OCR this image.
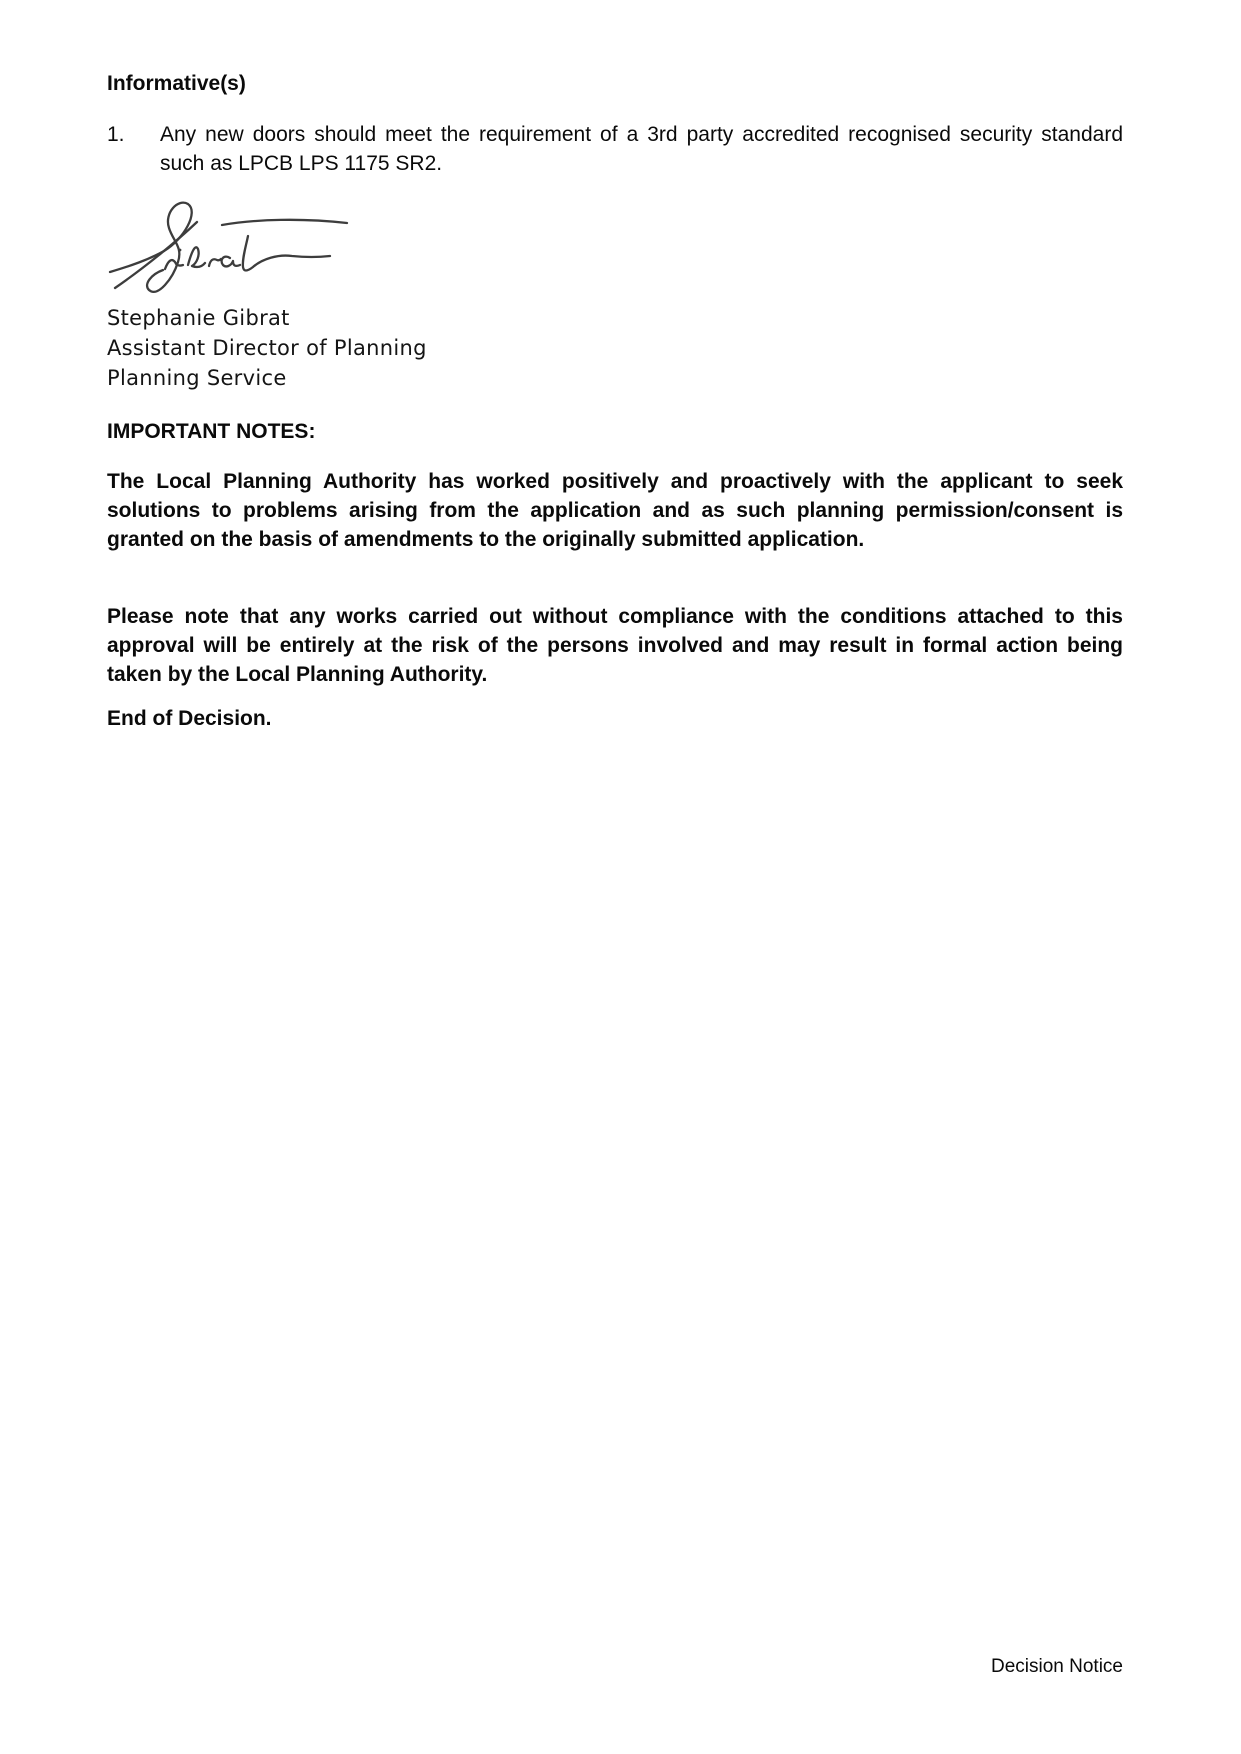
Informative(s)
1.	Any new doors should meet the requirement of a 3rd party accredited recognised security standard such as LPCB LPS 1175 SR2.
Stephanie Gibrat
Assistant Director of Planning
Planning Service
IMPORTANT NOTES:

The Local Planning Authority has worked positively and proactively with the applicant to seek solutions to problems arising from the application and as such planning permission/consent is granted on the basis of amendments to the originally submitted application.

Please note that any works carried out without compliance with the conditions attached to this approval will be entirely at the risk of the persons involved and may result in formal action being taken by the Local Planning Authority.

End of Decision.
Decision Notice
